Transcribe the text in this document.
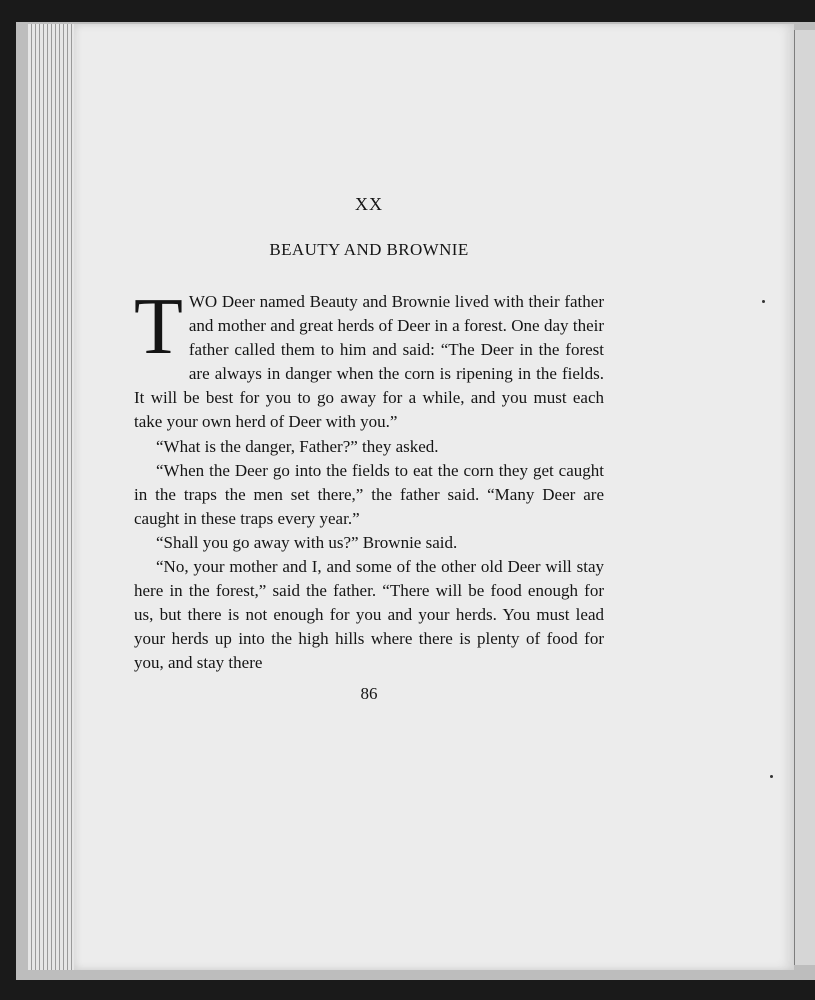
XX
BEAUTY AND BROWNIE

TWO Deer named Beauty and Brownie lived with their father and mother and great herds of Deer in a forest. One day their father called them to him and said: “The Deer in the forest are always in danger when the corn is ripening in the fields. It will be best for you to go away for a while, and you must each take your own herd of Deer with you.”

“What is the danger, Father?” they asked.

“When the Deer go into the fields to eat the corn they get caught in the traps the men set there,” the father said. “Many Deer are caught in these traps every year.”

“Shall you go away with us?” Brownie said.

“No, your mother and I, and some of the other old Deer will stay here in the forest,” said the father. “There will be food enough for us, but there is not enough for you and your herds. You must lead your herds up into the high hills where there is plenty of food for you, and stay there

86
